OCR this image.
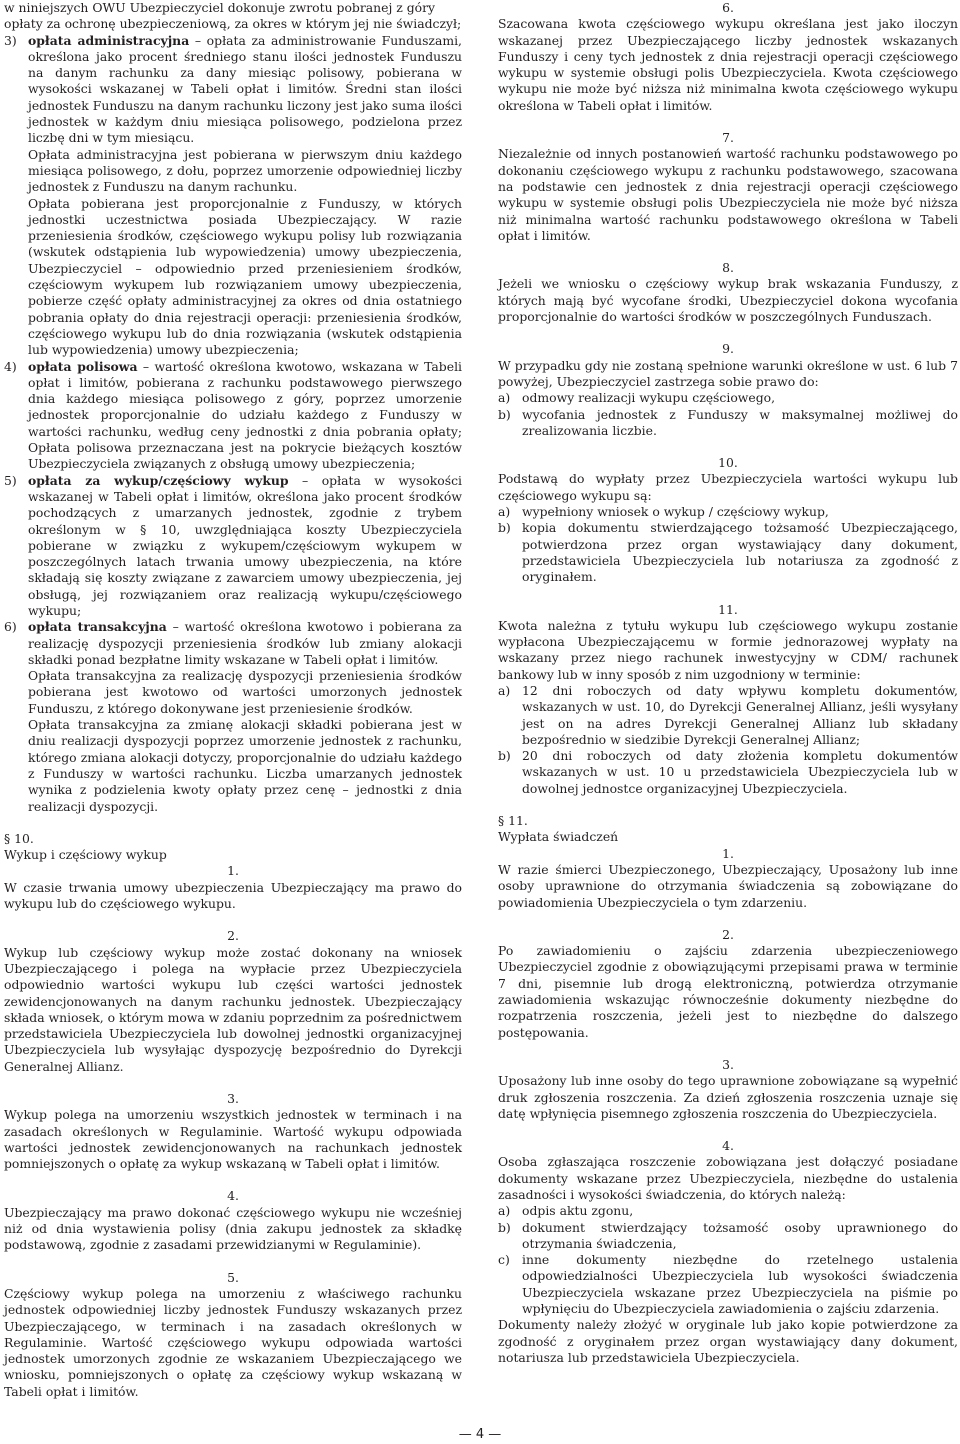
w niniejszych OWU Ubezpieczyciel dokonuje zwrotu pobranej z góry

opłaty za ochronę ubezpieczeniową, za okres w którym jej nie świadczył;

3) opłata administracyjna – opłata za administrowanie Funduszami, określona jako procent średniego stanu ilości jednostek Funduszu na danym rachunku za dany miesiąc polisowy, pobierana w wysokości wskazanej w Tabeli opłat i limitów. Średni stan ilości jednostek Funduszu na danym rachunku liczony jest jako suma ilości jednostek w każdym dniu miesiąca polisowego, podzielona przez liczbę dni w tym miesiącu.

Opłata administracyjna jest pobierana w pierwszym dniu każdego miesiąca polisowego, z dołu, poprzez umorzenie odpowiedniej liczby jednostek z Funduszu na danym rachunku.

Opłata pobierana jest proporcjonalnie z Funduszy, w których jednostki uczestnictwa posiada Ubezpieczający. W razie przeniesienia środków, częściowego wykupu polisy lub rozwiązania (wskutek odstąpienia lub wypowiedzenia) umowy ubezpieczenia, Ubezpieczyciel – odpowiednio przed przeniesieniem środków, częściowym wykupem lub rozwiązaniem umowy ubezpieczenia, pobierze część opłaty administracyjnej za okres od dnia ostatniego pobrania opłaty do dnia rejestracji operacji: przeniesienia środków, częściowego wykupu lub do dnia rozwiązania (wskutek odstąpienia lub wypowiedzenia) umowy ubezpieczenia;

4) opłata polisowa – wartość określona kwotowo, wskazana w Tabeli opłat i limitów, pobierana z rachunku podstawowego pierwszego dnia każdego miesiąca polisowego z góry, poprzez umorzenie jednostek proporcjonalnie do udziału każdego z Funduszy w wartości rachunku, według ceny jednostki z dnia pobrania opłaty; Opłata polisowa przeznaczana jest na pokrycie bieżących kosztów Ubezpieczyciela związanych z obsługą umowy ubezpieczenia;

5) opłata za wykup/częściowy wykup – opłata w wysokości wskazanej w Tabeli opłat i limitów, określona jako procent środków pochodzących z umarzanych jednostek, zgodnie z trybem określonym w § 10, uwzględniająca koszty Ubezpieczyciela pobierane w związku z wykupem/częściowym wykupem w poszczególnych latach trwania umowy ubezpieczenia, na które składają się koszty związane z zawarciem umowy ubezpieczenia, jej obsługą, jej rozwiązaniem oraz realizacją wykupu/częściowego wykupu;

6) opłata transakcyjna – wartość określona kwotowo i pobierana za realizację dyspozycji przeniesienia środków lub zmiany alokacji składki ponad bezpłatne limity wskazane w Tabeli opłat i limitów.

Opłata transakcyjna za realizację dyspozycji przeniesienia środków pobierana jest kwotowo od wartości umorzonych jednostek Funduszu, z którego dokonywane jest przeniesienie środków.

Opłata transakcyjna za zmianę alokacji składki pobierana jest w dniu realizacji dyspozycji poprzez umorzenie jednostek z rachunku, którego zmiana alokacji dotyczy, proporcjonalnie do udziału każdego z Funduszy w wartości rachunku. Liczba umarzanych jednostek wynika z podzielenia kwoty opłaty przez cenę – jednostki z dnia realizacji dyspozycji.

§ 10.

Wykup i częściowy wykup

1.

W czasie trwania umowy ubezpieczenia Ubezpieczający ma prawo do wykupu lub do częściowego wykupu.

2.

Wykup lub częściowy wykup może zostać dokonany na wniosek Ubezpieczającego i polega na wypłacie przez Ubezpieczyciela odpowiednio wartości wykupu lub części wartości jednostek zewidencjonowanych na danym rachunku jednostek. Ubezpieczający składa wniosek, o którym mowa w zdaniu poprzednim za pośrednictwem przedstawiciela Ubezpieczyciela lub dowolnej jednostki organizacyjnej Ubezpieczyciela lub wysyłając dyspozycję bezpośrednio do Dyrekcji Generalnej Allianz.

3.

Wykup polega na umorzeniu wszystkich jednostek w terminach i na zasadach określonych w Regulaminie. Wartość wykupu odpowiada wartości jednostek zewidencjonowanych na rachunkach jednostek pomniejszonych o opłatę za wykup wskazaną w Tabeli opłat i limitów.

4.

Ubezpieczający ma prawo dokonać częściowego wykupu nie wcześniej niż od dnia wystawienia polisy (dnia zakupu jednostek za składkę podstawową, zgodnie z zasadami przewidzianymi w Regulaminie).

5.

Częściowy wykup polega na umorzeniu z właściwego rachunku jednostek odpowiedniej liczby jednostek Funduszy wskazanych przez Ubezpieczającego, w terminach i na zasadach określonych w Regulaminie. Wartość częściowego wykupu odpowiada wartości jednostek umorzonych zgodnie ze wskazaniem Ubezpieczającego we wniosku, pomniejszonych o opłatę za częściowy wykup wskazaną w Tabeli opłat i limitów.

6.

Szacowana kwota częściowego wykupu określana jest jako iloczyn wskazanej przez Ubezpieczającego liczby jednostek wskazanych Funduszy i ceny tych jednostek z dnia rejestracji operacji częściowego wykupu w systemie obsługi polis Ubezpieczyciela. Kwota częściowego wykupu nie może być niższa niż minimalna kwota częściowego wykupu określona w Tabeli opłat i limitów.

7.

Niezależnie od innych postanowień wartość rachunku podstawowego po dokonaniu częściowego wykupu z rachunku podstawowego, szacowana na podstawie cen jednostek z dnia rejestracji operacji częściowego wykupu w systemie obsługi polis Ubezpieczyciela nie może być niższa niż minimalna wartość rachunku podstawowego określona w Tabeli opłat i limitów.

8.

Jeżeli we wniosku o częściowy wykup brak wskazania Funduszy, z których mają być wycofane środki, Ubezpieczyciel dokona wycofania proporcjonalnie do wartości środków w poszczególnych Funduszach.

9.

W przypadku gdy nie zostaną spełnione warunki określone w ust. 6 lub 7 powyżej, Ubezpieczyciel zastrzega sobie prawo do:

a) odmowy realizacji wykupu częściowego,

b) wycofania jednostek z Funduszy w maksymalnej możliwej do zrealizowania liczbie.

10.

Podstawą do wypłaty przez Ubezpieczyciela wartości wykupu lub częściowego wykupu są:

a) wypełniony wniosek o wykup / częściowy wykup,

b) kopia dokumentu stwierdzającego tożsamość Ubezpieczającego, potwierdzona przez organ wystawiający dany dokument, przedstawiciela Ubezpieczyciela lub notariusza za zgodność z oryginałem.

11.

Kwota należna z tytułu wykupu lub częściowego wykupu zostanie wypłacona Ubezpieczającemu w formie jednorazowej wypłaty na wskazany przez niego rachunek inwestycyjny w CDM/ rachunek bankowy lub w inny sposób z nim uzgodniony w terminie:

a) 12 dni roboczych od daty wpływu kompletu dokumentów, wskazanych w ust. 10, do Dyrekcji Generalnej Allianz, jeśli wysyłany jest on na adres Dyrekcji Generalnej Allianz lub składany bezpośrednio w siedzibie Dyrekcji Generalnej Allianz;

b) 20 dni roboczych od daty złożenia kompletu dokumentów wskazanych w ust. 10 u przedstawiciela Ubezpieczyciela lub w dowolnej jednostce organizacyjnej Ubezpieczyciela.

§ 11.

Wypłata świadczeń

1.

W razie śmierci Ubezpieczonego, Ubezpieczający, Uposażony lub inne osoby uprawnione do otrzymania świadczenia są zobowiązane do powiadomienia Ubezpieczyciela o tym zdarzeniu.

2.

Po zawiadomieniu o zajściu zdarzenia ubezpieczeniowego Ubezpieczyciel zgodnie z obowiązującymi przepisami prawa w terminie 7 dni, pisemnie lub drogą elektroniczną, potwierdza otrzymanie zawiadomienia wskazując równocześnie dokumenty niezbędne do rozpatrzenia roszczenia, jeżeli jest to niezbędne do dalszego postępowania.

3.

Uposażony lub inne osoby do tego uprawnione zobowiązane są wypełnić druk zgłoszenia roszczenia. Za dzień zgłoszenia roszczenia uznaje się datę wpłynięcia pisemnego zgłoszenia roszczenia do Ubezpieczyciela.

4.

Osoba zgłaszająca roszczenie zobowiązana jest dołączyć posiadane dokumenty wskazane przez Ubezpieczyciela, niezbędne do ustalenia zasadności i wysokości świadczenia, do których należą:

a) odpis aktu zgonu,

b) dokument stwierdzający tożsamość osoby uprawnionego do otrzymania świadczenia,

c) inne dokumenty niezbędne do rzetelnego ustalenia odpowiedzialności Ubezpieczyciela lub wysokości świadczenia Ubezpieczyciela wskazane przez Ubezpieczyciela na piśmie po wpłynięciu do Ubezpieczyciela zawiadomienia o zajściu zdarzenia.

Dokumenty należy złożyć w oryginale lub jako kopie potwierdzone za zgodność z oryginałem przez organ wystawiający dany dokument, notariusza lub przedstawiciela Ubezpieczyciela.

— 4 —
